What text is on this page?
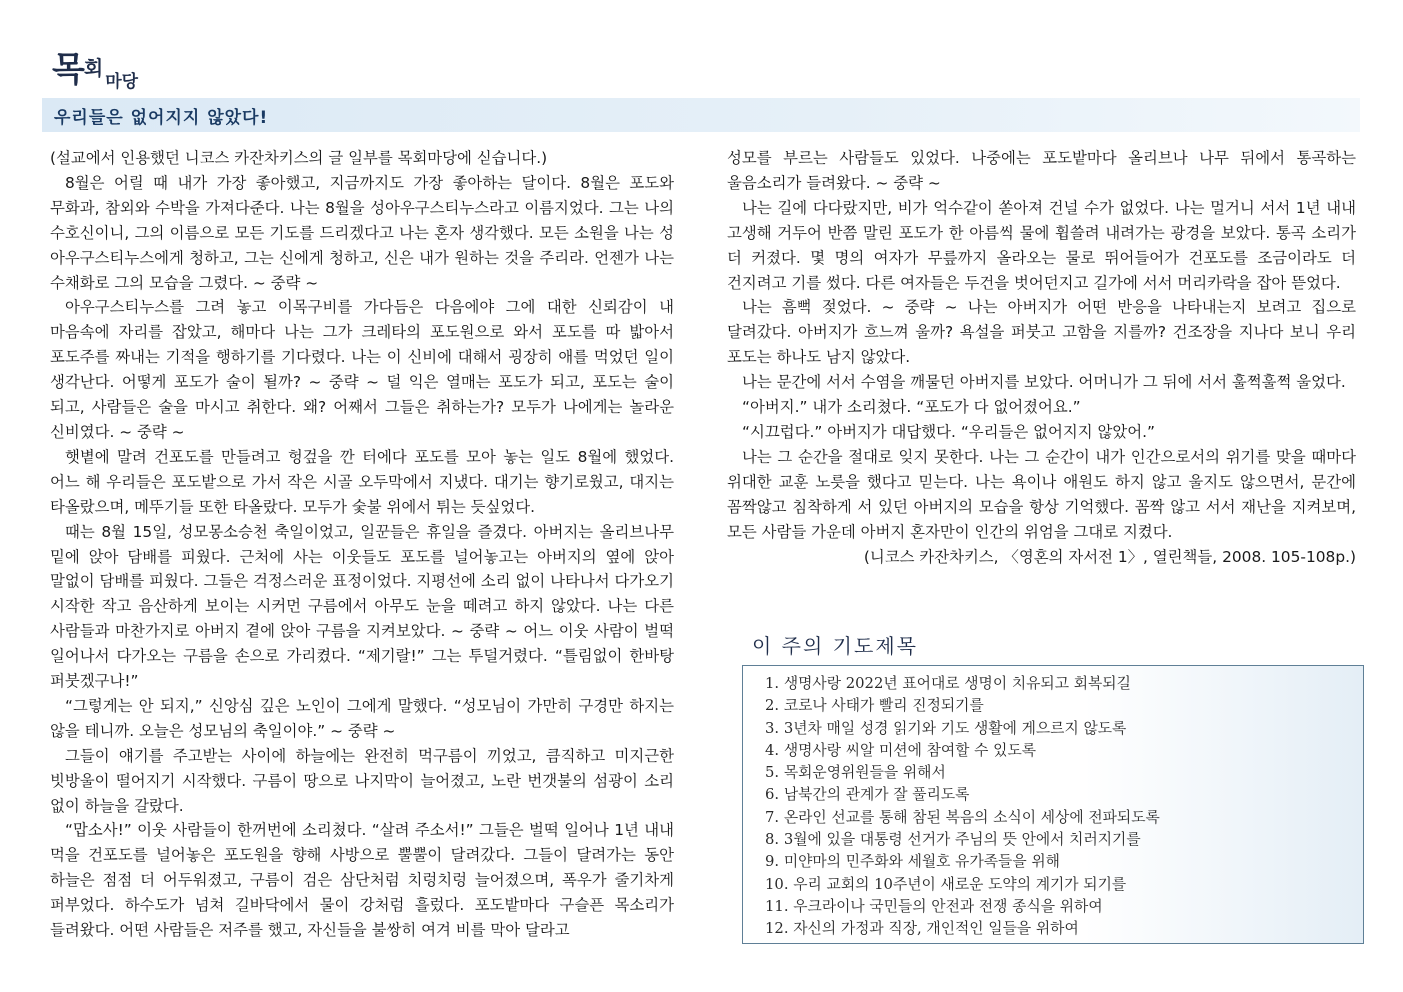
목회마당
우리들은 없어지지 않았다!

(설교에서 인용했던 니코스 카잔차키스의 글 일부를 목회마당에 싣습니다.)

8월은 어릴 때 내가 가장 좋아했고, 지금까지도 가장 좋아하는 달이다. 8월은 포도와 무화과, 참외와 수박을 가져다준다. 나는 8월을 성아우구스티누스라고 이름지었다. 그는 나의 수호신이니, 그의 이름으로 모든 기도를 드리겠다고 나는 혼자 생각했다. 모든 소원을 나는 성 아우구스티누스에게 청하고, 그는 신에게 청하고, 신은 내가 원하는 것을 주리라. 언젠가 나는 수채화로 그의 모습을 그렸다. ~ 중략 ~

아우구스티누스를 그려 놓고 이목구비를 가다듬은 다음에야 그에 대한 신뢰감이 내 마음속에 자리를 잡았고, 해마다 나는 그가 크레타의 포도원으로 와서 포도를 따 밟아서 포도주를 짜내는 기적을 행하기를 기다렸다. 나는 이 신비에 대해서 굉장히 애를 먹었던 일이 생각난다. 어떻게 포도가 술이 될까? ~ 중략 ~ 덜 익은 열매는 포도가 되고, 포도는 술이 되고, 사람들은 술을 마시고 취한다. 왜? 어째서 그들은 취하는가? 모두가 나에게는 놀라운 신비였다. ~ 중략 ~

햇볕에 말려 건포도를 만들려고 헝겊을 깐 터에다 포도를 모아 놓는 일도 8월에 했었다. 어느 해 우리들은 포도밭으로 가서 작은 시골 오두막에서 지냈다. 대기는 향기로웠고, 대지는 타올랐으며, 메뚜기들 또한 타올랐다. 모두가 숯불 위에서 튀는 듯싶었다.

때는 8월 15일, 성모몽소승천 축일이었고, 일꾼들은 휴일을 즐겼다. 아버지는 올리브나무 밑에 앉아 담배를 피웠다. 근처에 사는 이웃들도 포도를 널어놓고는 아버지의 옆에 앉아 말없이 담배를 피웠다. 그들은 걱정스러운 표정이었다. 지평선에 소리 없이 나타나서 다가오기 시작한 작고 음산하게 보이는 시커먼 구름에서 아무도 눈을 떼려고 하지 않았다. 나는 다른 사람들과 마찬가지로 아버지 곁에 앉아 구름을 지켜보았다. ~ 중략 ~ 어느 이웃 사람이 벌떡 일어나서 다가오는 구름을 손으로 가리켰다. “제기랄!” 그는 투덜거렸다. “틀림없이 한바탕 퍼붓겠구나!”

“그렇게는 안 되지,” 신앙심 깊은 노인이 그에게 말했다. “성모님이 가만히 구경만 하지는 않을 테니까. 오늘은 성모님의 축일이야.” ~ 중략 ~

그들이 얘기를 주고받는 사이에 하늘에는 완전히 먹구름이 끼었고, 큼직하고 미지근한 빗방울이 떨어지기 시작했다. 구름이 땅으로 나지막이 늘어졌고, 노란 번갯불의 섬광이 소리 없이 하늘을 갈랐다.

“맙소사!” 이웃 사람들이 한꺼번에 소리쳤다. “살려 주소서!” 그들은 벌떡 일어나 1년 내내 먹을 건포도를 널어놓은 포도원을 향해 사방으로 뿔뿔이 달려갔다. 그들이 달려가는 동안 하늘은 점점 더 어두워졌고, 구름이 검은 삼단처럼 치렁치렁 늘어졌으며, 폭우가 줄기차게 퍼부었다. 하수도가 넘쳐 길바닥에서 물이 강처럼 흘렀다. 포도밭마다 구슬픈 목소리가 들려왔다. 어떤 사람들은 저주를 했고, 자신들을 불쌍히 여겨 비를 막아 달라고

성모를 부르는 사람들도 있었다. 나중에는 포도밭마다 올리브나 나무 뒤에서 통곡하는 울음소리가 들려왔다. ~ 중략 ~

나는 길에 다다랐지만, 비가 억수같이 쏟아져 건널 수가 없었다. 나는 멀거니 서서 1년 내내 고생해 거두어 반쯤 말린 포도가 한 아름씩 물에 휩쓸려 내려가는 광경을 보았다. 통곡 소리가 더 커졌다. 몇 명의 여자가 무릎까지 올라오는 물로 뛰어들어가 건포도를 조금이라도 더 건지려고 기를 썼다. 다른 여자들은 두건을 벗어던지고 길가에 서서 머리카락을 잡아 뜯었다.

나는 흠뻑 젖었다. ~ 중략 ~ 나는 아버지가 어떤 반응을 나타내는지 보려고 집으로 달려갔다. 아버지가 흐느껴 울까? 욕설을 퍼붓고 고함을 지를까? 건조장을 지나다 보니 우리 포도는 하나도 남지 않았다.

나는 문간에 서서 수염을 깨물던 아버지를 보았다. 어머니가 그 뒤에 서서 훌쩍훌쩍 울었다.

“아버지.” 내가 소리쳤다. “포도가 다 없어졌어요.”

“시끄럽다.” 아버지가 대답했다. “우리들은 없어지지 않았어.”

나는 그 순간을 절대로 잊지 못한다. 나는 그 순간이 내가 인간으로서의 위기를 맞을 때마다 위대한 교훈 노릇을 했다고 믿는다. 나는 욕이나 애원도 하지 않고 울지도 않으면서, 문간에 꼼짝않고 침착하게 서 있던 아버지의 모습을 항상 기억했다. 꼼짝 않고 서서 재난을 지켜보며, 모든 사람들 가운데 아버지 혼자만이 인간의 위엄을 그대로 지켰다.

(니코스 카잔차키스, 〈영혼의 자서전 1〉, 열린책들, 2008. 105-108p.)

이 주의 기도제목
1. 생명사랑 2022년 표어대로 생명이 치유되고 회복되길
2. 코로나 사태가 빨리 진정되기를
3. 3년차 매일 성경 읽기와 기도 생활에 게으르지 않도록
4. 생명사랑 씨알 미션에 참여할 수 있도록
5. 목회운영위원들을 위해서
6. 남북간의 관계가 잘 풀리도록
7. 온라인 선교를 통해 참된 복음의 소식이 세상에 전파되도록
8. 3월에 있을 대통령 선거가 주님의 뜻 안에서 치러지기를
9. 미얀마의 민주화와 세월호 유가족들을 위해
10. 우리 교회의 10주년이 새로운 도약의 계기가 되기를
11. 우크라이나 국민들의 안전과 전쟁 종식을 위하여
12. 자신의 가정과 직장, 개인적인 일들을 위하여
